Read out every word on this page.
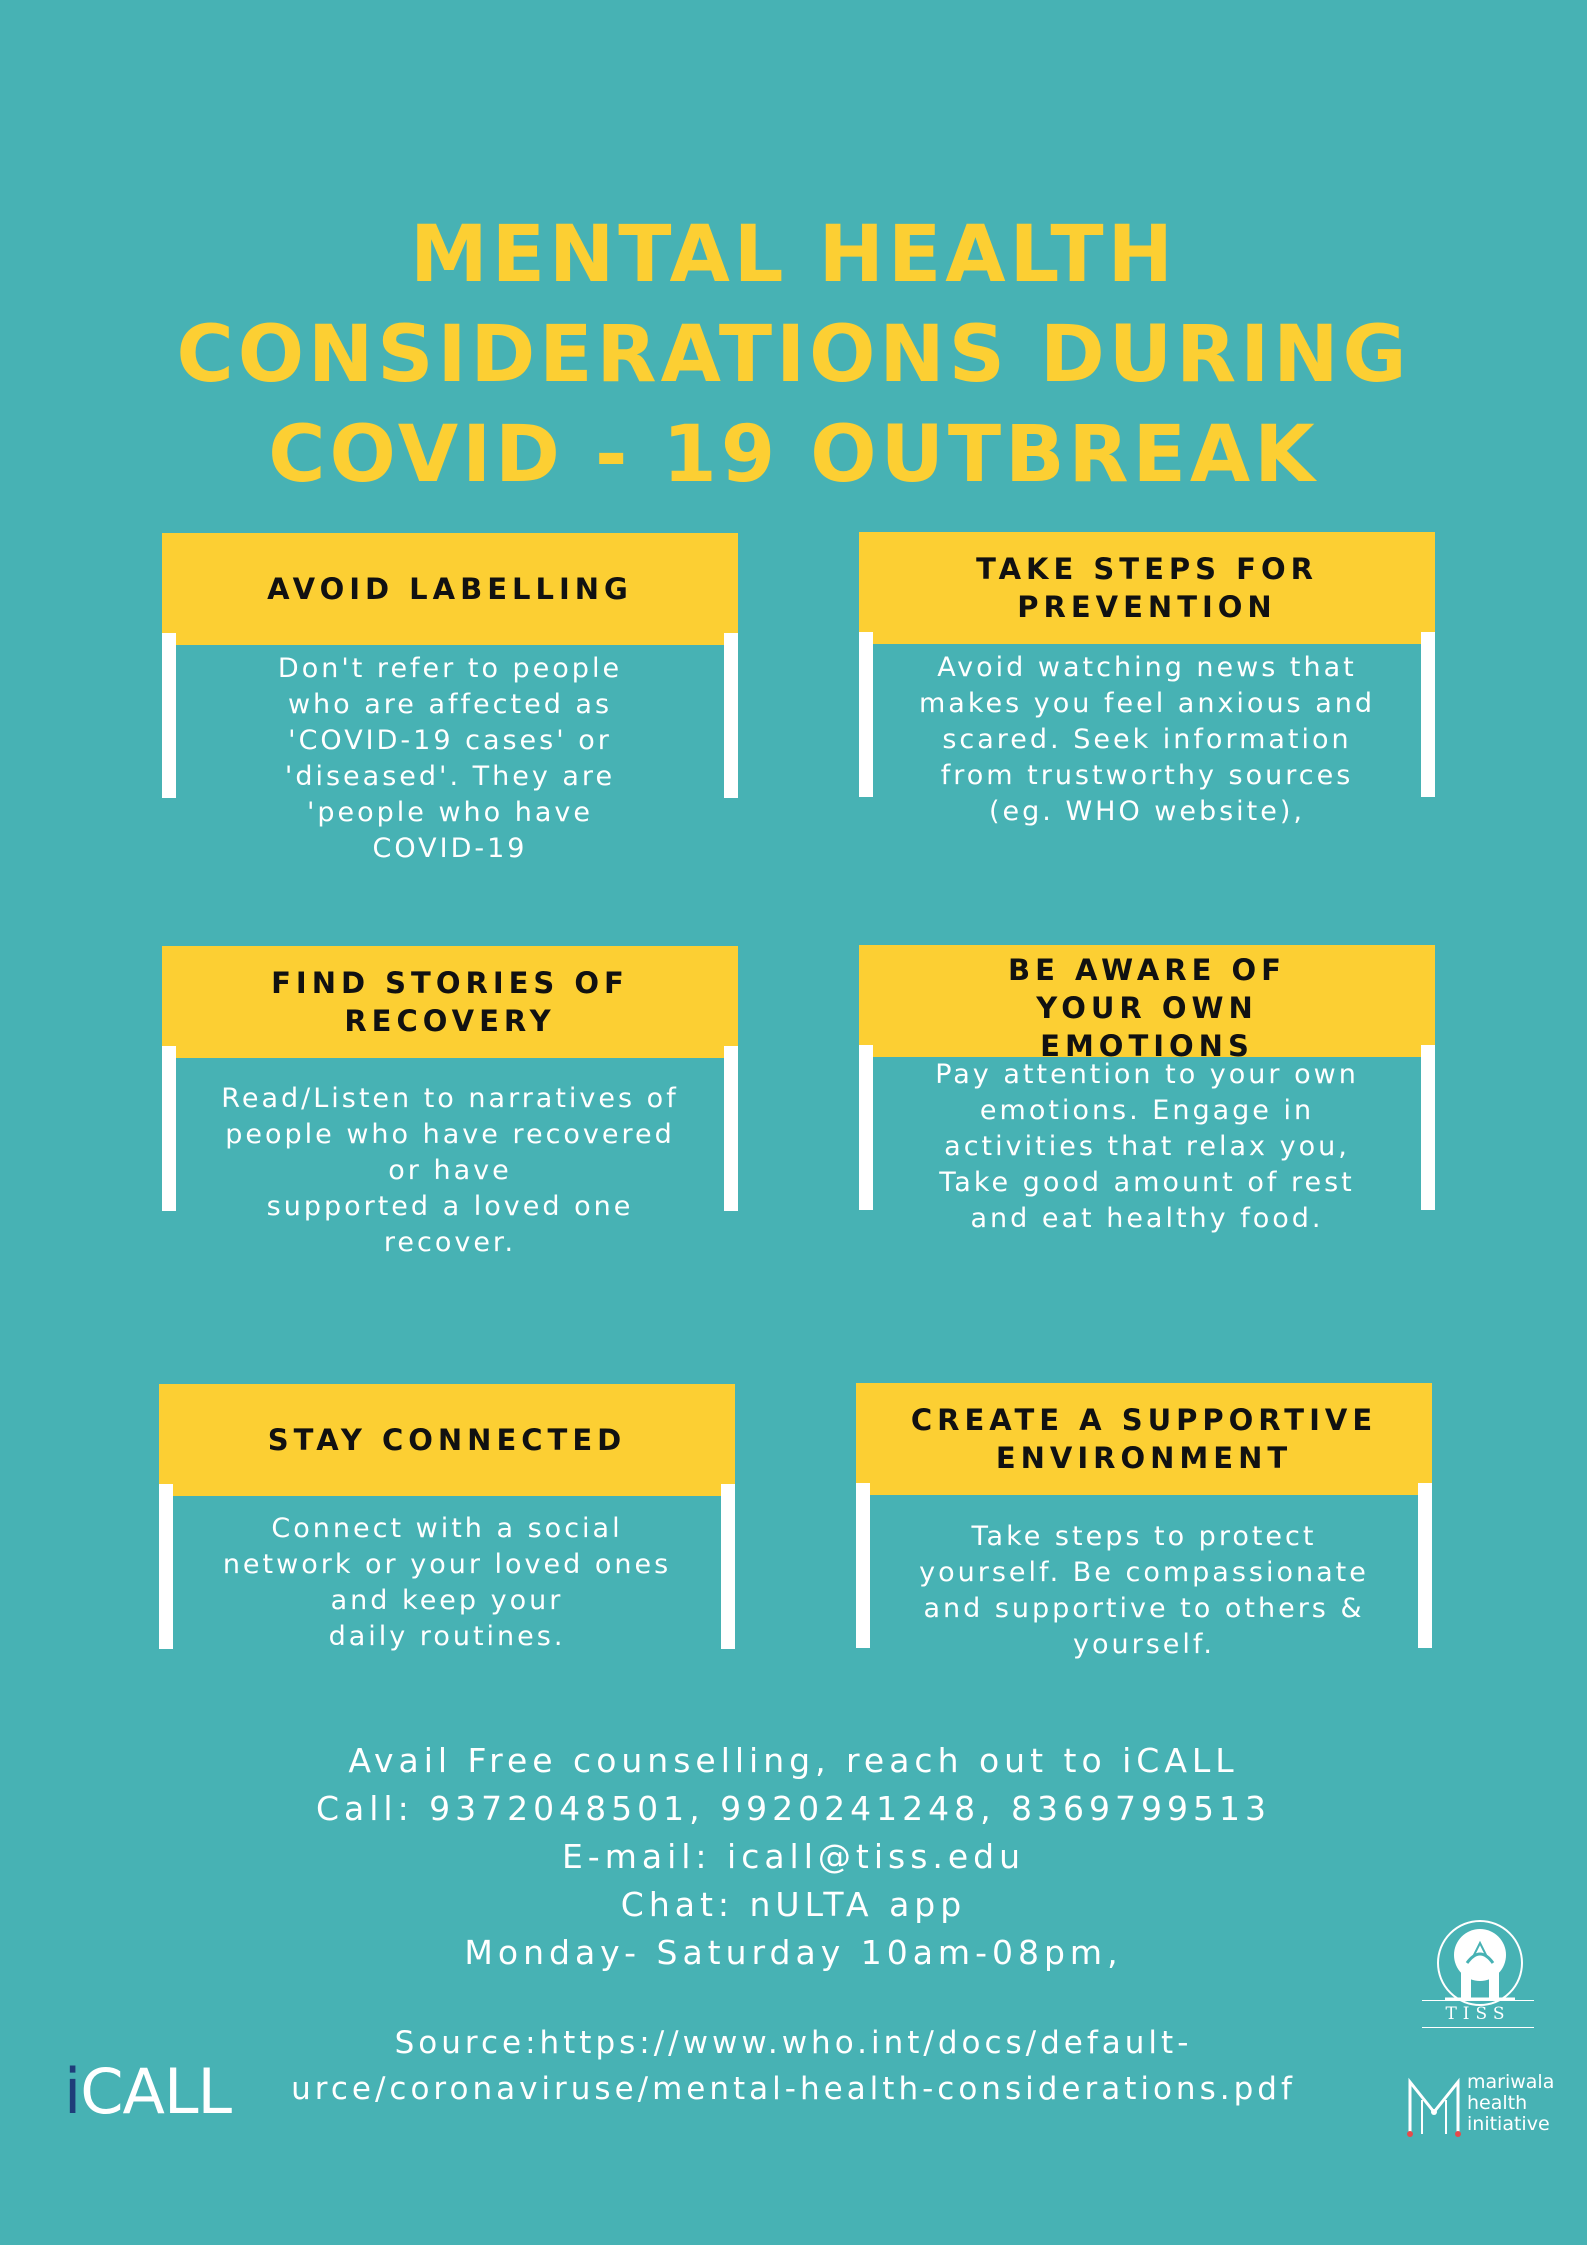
MENTAL HEALTH
CONSIDERATIONS DURING
COVID - 19 OUTBREAK
AVOID LABELLING

Don't refer to people
who are affected as
'COVID-19 cases' or
'diseased'. They are
'people who have
COVID-19

TAKE STEPS FOR
PREVENTION

Avoid watching news that
makes you feel anxious and
scared. Seek information
from trustworthy sources
(eg. WHO website),

FIND STORIES OF
RECOVERY

Read/Listen to narratives of
people who have recovered
or have
supported a loved one
recover.

BE AWARE OF
YOUR OWN
EMOTIONS

Pay attention to your own
emotions. Engage in
activities that relax you,
Take good amount of rest
and eat healthy food.

STAY CONNECTED

Connect with a social
network or your loved ones
and keep your
daily routines.

CREATE A SUPPORTIVE
ENVIRONMENT

Take steps to protect
yourself. Be compassionate
and supportive to others &
yourself.

Avail Free counselling, reach out to iCALL
Call: 9372048501, 9920241248, 8369799513
E-mail: icall@tiss.edu
Chat: nULTA app
Monday- Saturday 10am-08pm,
Source:https://www.who.int/docs/default-
urce/coronaviruse/mental-health-considerations.pdf
iCALL
TISS
mariwala
health
initiative
